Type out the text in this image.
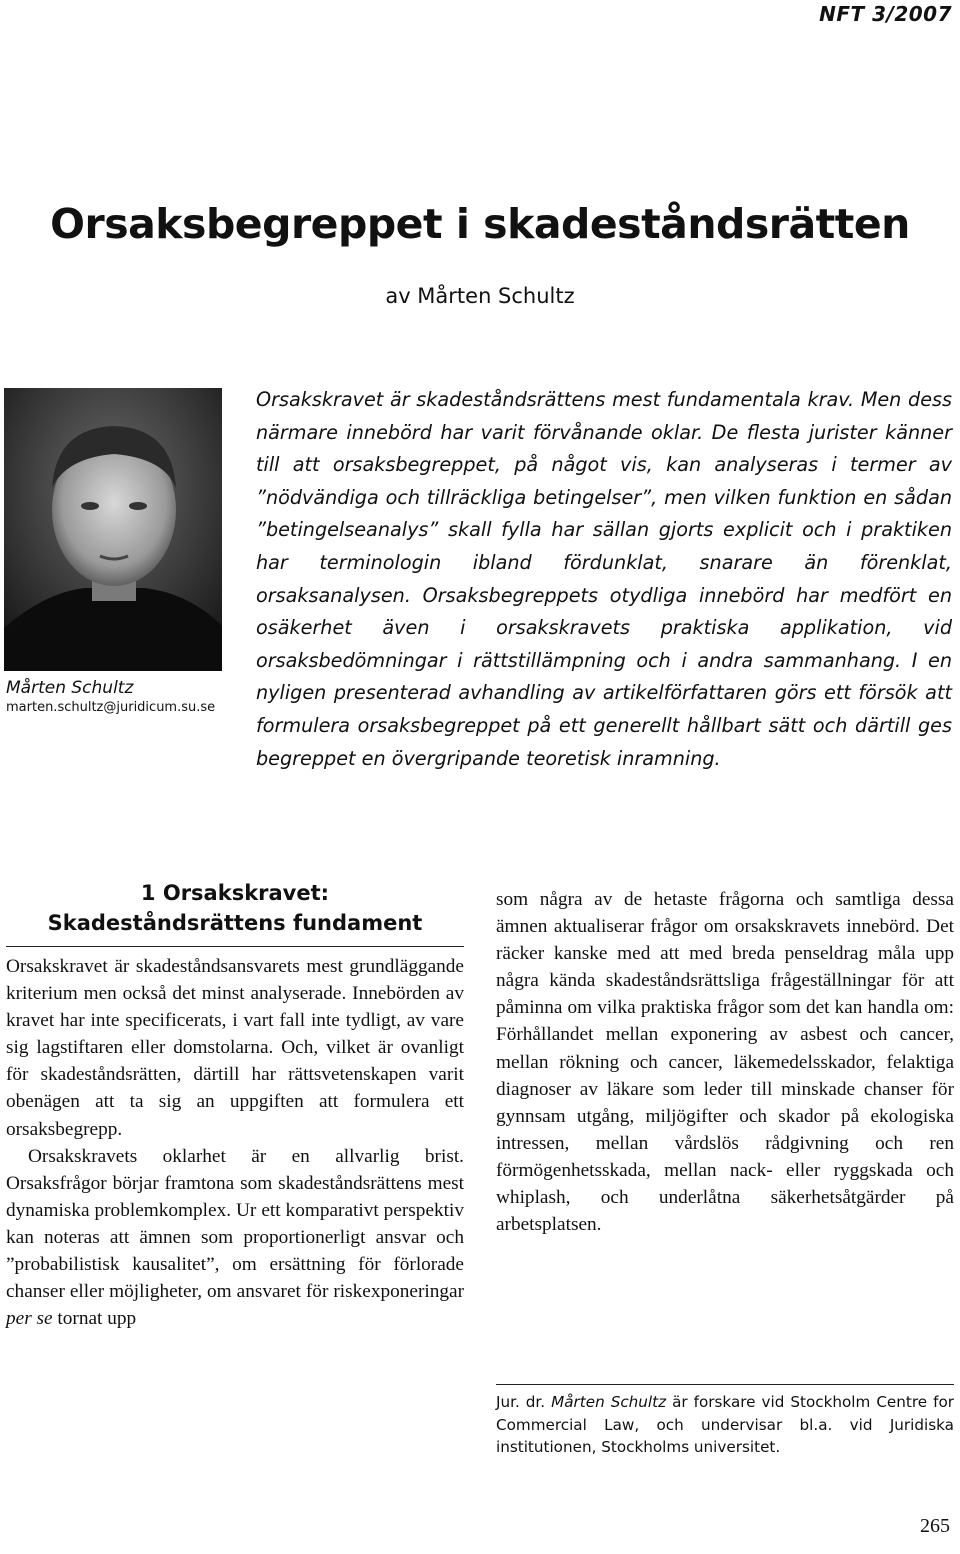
NFT 3/2007
Orsaksbegreppet i skadeståndsrätten
av Mårten Schultz
Mårten Schultz
marten.schultz@juridicum.su.se

Orsakskravet är skadeståndsrättens mest fundamentala krav. Men dess närmare innebörd har varit förvånande oklar. De flesta jurister känner till att orsaksbegreppet, på något vis, kan analyseras i termer av ”nödvändiga och tillräckliga betingelser”, men vilken funktion en sådan ”betingelseanalys” skall fylla har sällan gjorts explicit och i praktiken har terminologin ibland fördunklat, snarare än förenklat, orsaksanalysen. Orsaksbegreppets otydliga innebörd har medfört en osäkerhet även i orsakskravets praktiska applikation, vid orsaksbedömningar i rättstillämpning och i andra sammanhang. I en nyligen presenterad avhandling av artikelförfattaren görs ett försök att formulera orsaksbegreppet på ett generellt hållbart sätt och därtill ges begreppet en övergripande teoretisk inramning.

1 Orsakskravet:
Skadeståndsrättens fundament

Orsakskravet är skadeståndsansvarets mest grundläggande kriterium men också det minst analyserade. Innebörden av kravet har inte specificerats, i vart fall inte tydligt, av vare sig lagstiftaren eller domstolarna. Och, vilket är ovanligt för skadeståndsrätten, därtill har rättsvetenskapen varit obenägen att ta sig an uppgiften att formulera ett orsaksbegrepp.

Orsakskravets oklarhet är en allvarlig brist. Orsaksfrågor börjar framtona som skadeståndsrättens mest dynamiska problemkomplex. Ur ett komparativt perspektiv kan noteras att ämnen som proportionerligt ansvar och ”probabilistisk kausalitet”, om ersättning för förlorade chanser eller möjligheter, om ansvaret för riskexponeringar per se tornat upp

som några av de hetaste frågorna och samtliga dessa ämnen aktualiserar frågor om orsakskravets innebörd. Det räcker kanske med att med breda penseldrag måla upp några kända skadeståndsrättsliga frågeställningar för att påminna om vilka praktiska frågor som det kan handla om: Förhållandet mellan exponering av asbest och cancer, mellan rökning och cancer, läkemedelsskador, felaktiga diagnoser av läkare som leder till minskade chanser för gynnsam utgång, miljögifter och skador på ekologiska intressen, mellan vårdslös rådgivning och ren förmögenhetsskada, mellan nack- eller ryggskada och whiplash, och underlåtna säkerhetsåtgärder på arbetsplatsen.

Jur. dr. Mårten Schultz är forskare vid Stockholm Centre for Commercial Law, och undervisar bl.a. vid Juridiska institutionen, Stockholms universitet.
265
